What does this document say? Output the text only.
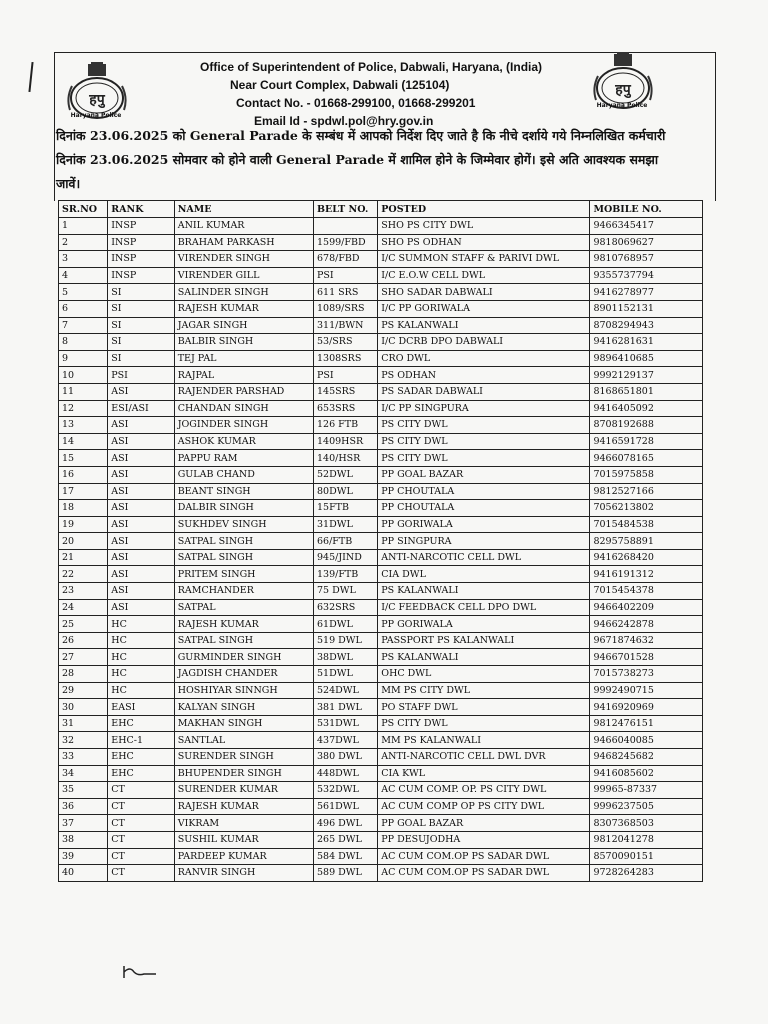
हपु
Haryana Police
हपु
Haryana Police
Office of Superintendent of Police, Dabwali, Haryana, (India)
Near Court Complex, Dabwali (125104)
Contact No. - 01668-299100, 01668-299201
Email Id - spdwl.pol@hry.gov.in

दिनांक 23.06.2025 को General Parade के सम्बंध में आपको निर्देश दिए जाते है कि नीचे दर्शाये गये निम्नलिखित कर्मचारी

दिनांक 23.06.2025 सोमवार को होने वाली General Parade में शामिल होने के जिम्मेवार होगें। इसे अति आवश्यक समझा

जावें।

SR.NO	RANK	NAME	BELT NO.	POSTED	MOBILE NO.
1	INSP	ANIL KUMAR		SHO PS CITY DWL	9466345417
2	INSP	BRAHAM PARKASH	1599/FBD	SHO PS ODHAN	9818069627
3	INSP	VIRENDER SINGH	678/FBD	I/C SUMMON STAFF & PARIVI DWL	9810768957
4	INSP	VIRENDER GILL	PSI	I/C E.O.W CELL DWL	9355737794
5	SI	SALINDER SINGH	611 SRS	SHO SADAR DABWALI	9416278977
6	SI	RAJESH KUMAR	1089/SRS	I/C PP GORIWALA	8901152131
7	SI	JAGAR SINGH	311/BWN	PS KALANWALI	8708294943
8	SI	BALBIR SINGH	53/SRS	I/C DCRB DPO DABWALI	9416281631
9	SI	TEJ PAL	1308SRS	CRO DWL	9896410685
10	PSI	RAJPAL	PSI	PS ODHAN	9992129137
11	ASI	RAJENDER PARSHAD	145SRS	PS SADAR DABWALI	8168651801
12	ESI/ASI	CHANDAN SINGH	653SRS	I/C PP SINGPURA	9416405092
13	ASI	JOGINDER SINGH	126 FTB	PS CITY DWL	8708192688
14	ASI	ASHOK KUMAR	1409HSR	PS CITY DWL	9416591728
15	ASI	PAPPU RAM	140/HSR	PS CITY DWL	9466078165
16	ASI	GULAB CHAND	52DWL	PP GOAL BAZAR	7015975858
17	ASI	BEANT SINGH	80DWL	PP CHOUTALA	9812527166
18	ASI	DALBIR SINGH	15FTB	PP CHOUTALA	7056213802
19	ASI	SUKHDEV SINGH	31DWL	PP GORIWALA	7015484538
20	ASI	SATPAL SINGH	66/FTB	PP SINGPURA	8295758891
21	ASI	SATPAL SINGH	945/JIND	ANTI-NARCOTIC CELL DWL	9416268420
22	ASI	PRITEM SINGH	139/FTB	CIA DWL	9416191312
23	ASI	RAMCHANDER	75 DWL	PS KALANWALI	7015454378
24	ASI	SATPAL	632SRS	I/C FEEDBACK CELL DPO DWL	9466402209
25	HC	RAJESH KUMAR	61DWL	PP GORIWALA	9466242878
26	HC	SATPAL SINGH	519 DWL	PASSPORT PS KALANWALI	9671874632
27	HC	GURMINDER SINGH	38DWL	PS KALANWALI	9466701528
28	HC	JAGDISH CHANDER	51DWL	OHC DWL	7015738273
29	HC	HOSHIYAR SINNGH	524DWL	MM PS CITY DWL	9992490715
30	EASI	KALYAN SINGH	381 DWL	PO STAFF DWL	9416920969
31	EHC	MAKHAN SINGH	531DWL	PS CITY DWL	9812476151
32	EHC-1	SANTLAL	437DWL	MM PS KALANWALI	9466040085
33	EHC	SURENDER SINGH	380 DWL	ANTI-NARCOTIC CELL DWL DVR	9468245682
34	EHC	BHUPENDER SINGH	448DWL	CIA KWL	9416085602
35	CT	SURENDER KUMAR	532DWL	AC CUM COMP. OP. PS CITY DWL	99965-87337
36	CT	RAJESH KUMAR	561DWL	AC CUM COMP OP PS CITY DWL	9996237505
37	CT	VIKRAM	496 DWL	PP GOAL BAZAR	8307368503
38	CT	SUSHIL KUMAR	265 DWL	PP DESUJODHA	9812041278
39	CT	PARDEEP KUMAR	584 DWL	AC CUM COM.OP PS SADAR DWL	8570090151
40	CT	RANVIR SINGH	589 DWL	AC CUM COM.OP PS SADAR DWL	9728264283
